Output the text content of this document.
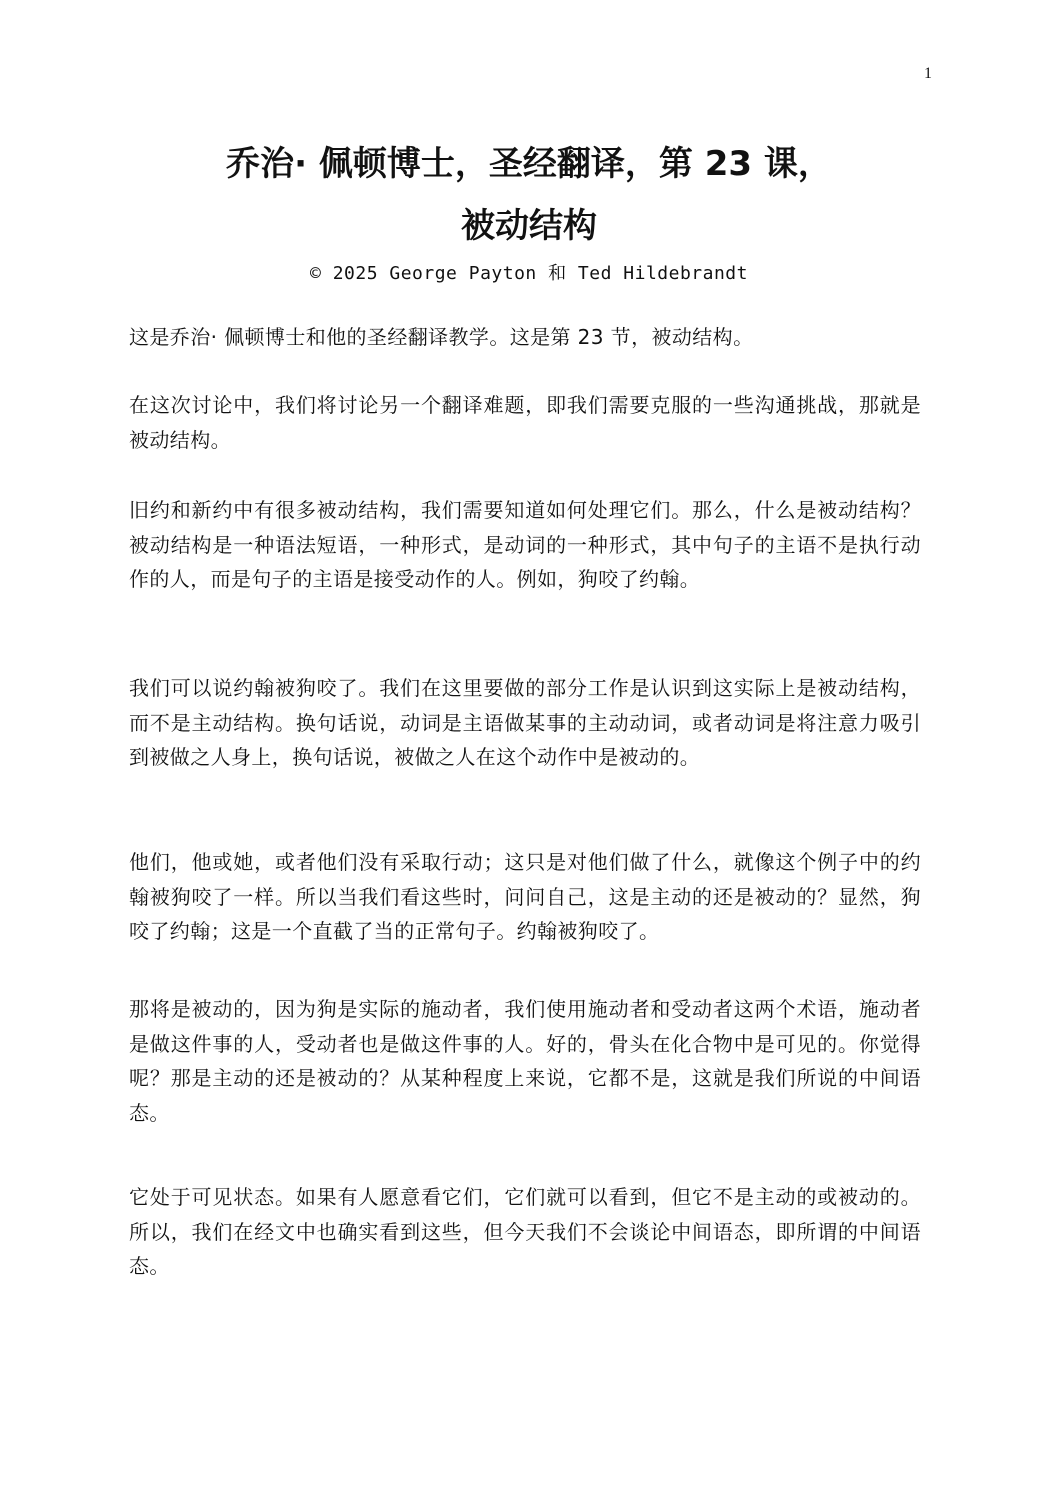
1
乔治· 佩顿博士，圣经翻译，第 23 课，
被动结构
© 2025 George Payton 和 Ted Hildebrandt

这是乔治· 佩顿博士和他的圣经翻译教学。这是第 23 节，被动结构。

在这次讨论中，我们将讨论另一个翻译难题，即我们需要克服的一些沟通挑战，那就是被动结构。

旧约和新约中有很多被动结构，我们需要知道如何处理它们。那么，什么是被动结构？被动结构是一种语法短语，一种形式，是动词的一种形式，其中句子的主语不是执行动作的人，而是句子的主语是接受动作的人。例如，狗咬了约翰。

我们可以说约翰被狗咬了。我们在这里要做的部分工作是认识到这实际上是被动结构，而不是主动结构。换句话说，动词是主语做某事的主动动词，或者动词是将注意力吸引到被做之人身上，换句话说，被做之人在这个动作中是被动的。

他们，他或她，或者他们没有采取行动；这只是对他们做了什么，就像这个例子中的约翰被狗咬了一样。所以当我们看这些时，问问自己，这是主动的还是被动的？显然，狗咬了约翰；这是一个直截了当的正常句子。约翰被狗咬了。

那将是被动的，因为狗是实际的施动者，我们使用施动者和受动者这两个术语，施动者是做这件事的人，受动者也是做这件事的人。好的，骨头在化合物中是可见的。你觉得呢？那是主动的还是被动的？从某种程度上来说，它都不是，这就是我们所说的中间语态。

它处于可见状态。如果有人愿意看它们，它们就可以看到，但它不是主动的或被动的。所以，我们在经文中也确实看到这些，但今天我们不会谈论中间语态，即所谓的中间语态。
